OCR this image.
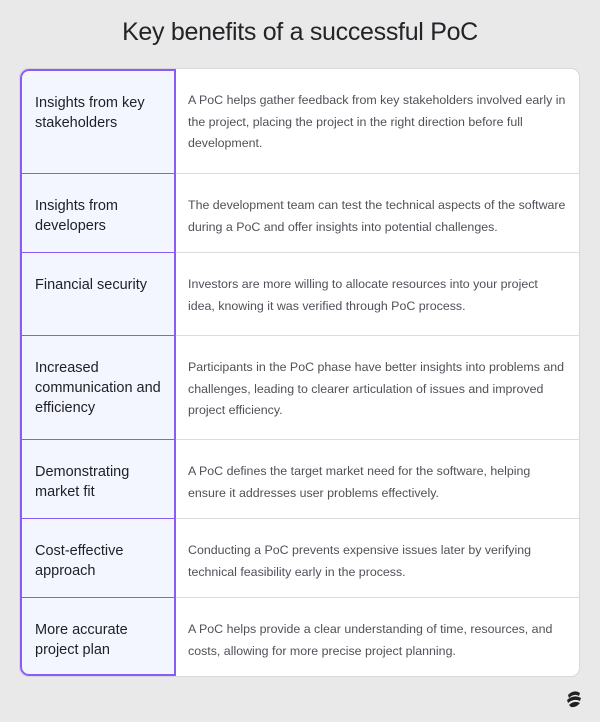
Key benefits of a successful PoC
Insights from key stakeholders
A PoC helps gather feedback from key stakeholders involved early in the project, placing the project in the right direction before full development.
Insights from developers
The development team can test the technical aspects of the software during a PoC and offer insights into potential challenges.
Financial security	Investors are more willing to allocate resources into your project idea, knowing it was verified through PoC process.
Increased communication and efficiency
Participants in the PoC phase have better insights into problems and challenges, leading to clearer articulation of issues and improved project efficiency.
Demonstrating market fit
A PoC defines the target market need for the software, helping ensure it addresses user problems effectively.
Cost-effective approach
Conducting a PoC prevents expensive issues later by verifying technical feasibility early in the process.
More accurate project plan
A PoC helps provide a clear understanding of time, resources, and costs, allowing for more precise project planning.
